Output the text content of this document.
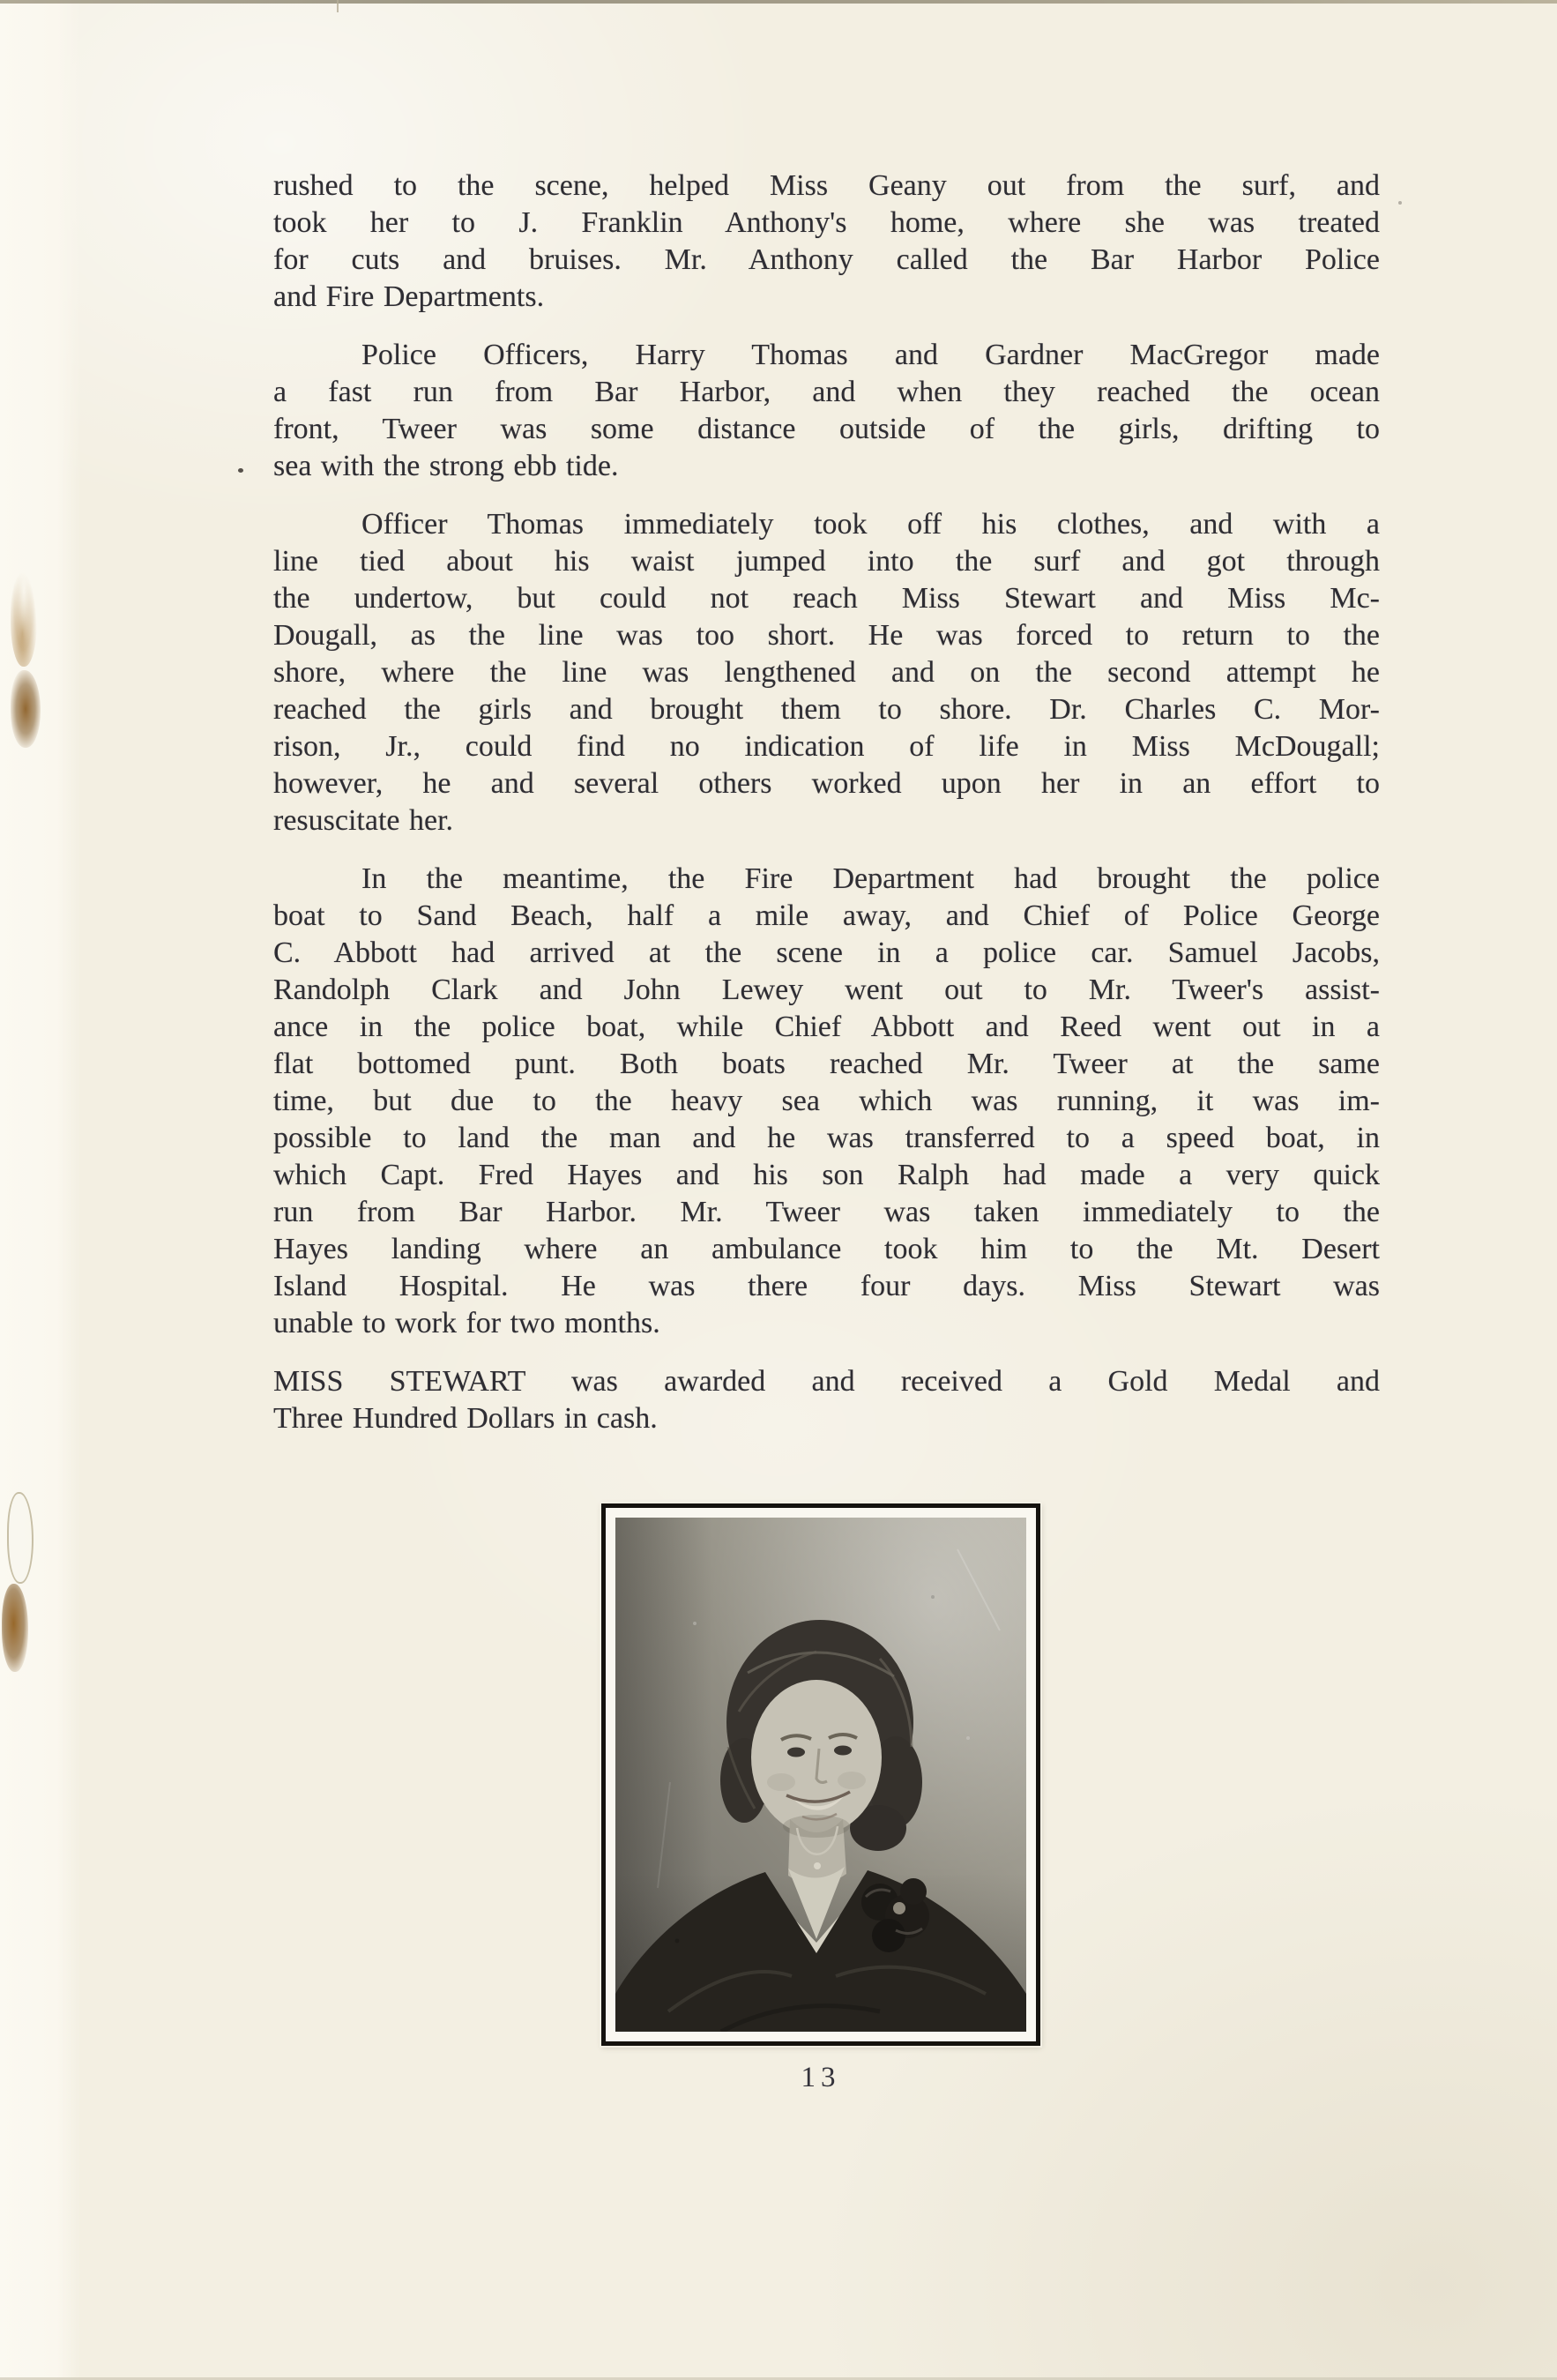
rushed to the scene, helped Miss Geany out from the surf, and
took her to J. Franklin Anthony's home, where she was treated
for cuts and bruises. Mr. Anthony called the Bar Harbor Police
and Fire Departments.
Police Officers, Harry Thomas and Gardner MacGregor made
a fast run from Bar Harbor, and when they reached the ocean
front, Tweer was some distance outside of the girls, drifting to
sea with the strong ebb tide.
Officer Thomas immediately took off his clothes, and with a
line tied about his waist jumped into the surf and got through
the undertow, but could not reach Miss Stewart and Miss Mc-
Dougall, as the line was too short. He was forced to return to the
shore, where the line was lengthened and on the second attempt he
reached the girls and brought them to shore. Dr. Charles C. Mor-
rison, Jr., could find no indication of life in Miss McDougall;
however, he and several others worked upon her in an effort to
resuscitate her.
In the meantime, the Fire Department had brought the police
boat to Sand Beach, half a mile away, and Chief of Police George
C. Abbott had arrived at the scene in a police car. Samuel Jacobs,
Randolph Clark and John Lewey went out to Mr. Tweer's assist-
ance in the police boat, while Chief Abbott and Reed went out in a
flat bottomed punt. Both boats reached Mr. Tweer at the same
time, but due to the heavy sea which was running, it was im-
possible to land the man and he was transferred to a speed boat, in
which Capt. Fred Hayes and his son Ralph had made a very quick
run from Bar Harbor. Mr. Tweer was taken immediately to the
Hayes landing where an ambulance took him to the Mt. Desert
Island Hospital. He was there four days. Miss Stewart was
unable to work for two months.
MISS STEWART was awarded and received a Gold Medal and
Three Hundred Dollars in cash.
13
